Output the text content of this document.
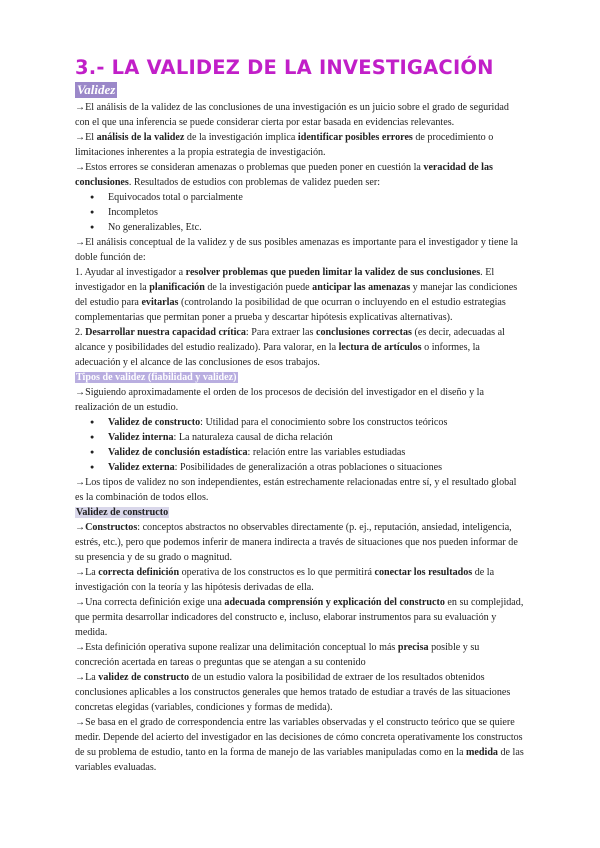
3.- LA VALIDEZ DE LA INVESTIGACIÓN
Validez

→El análisis de la validez de las conclusiones de una investigación es un juicio sobre el grado de seguridad con el que una inferencia se puede considerar cierta por estar basada en evidencias relevantes.

→El análisis de la validez de la investigación implica identificar posibles errores de procedimiento o limitaciones inherentes a la propia estrategia de investigación.

→Estos errores se consideran amenazas o problemas que pueden poner en cuestión la veracidad de las conclusiones. Resultados de estudios con problemas de validez pueden ser:

● Equivocados total o parcialmente
● Incompletos
● No generalizables, Etc.

→El análisis conceptual de la validez y de sus posibles amenazas es importante para el investigador y tiene la doble función de:

1. Ayudar al investigador a resolver problemas que pueden limitar la validez de sus conclusiones. El investigador en la planificación de la investigación puede anticipar las amenazas y manejar las condiciones del estudio para evitarlas (controlando la posibilidad de que ocurran o incluyendo en el estudio estrategias complementarias que permitan poner a prueba y descartar hipótesis explicativas alternativas).

2. Desarrollar nuestra capacidad crítica: Para extraer las conclusiones correctas (es decir, adecuadas al alcance y posibilidades del estudio realizado). Para valorar, en la lectura de artículos o informes, la adecuación y el alcance de las conclusiones de esos trabajos.

Tipos de validez (fiabilidad y validez)

→Siguiendo aproximadamente el orden de los procesos de decisión del investigador en el diseño y la realización de un estudio.

● Validez de constructo: Utilidad para el conocimiento sobre los constructos teóricos
● Validez interna: La naturaleza causal de dicha relación
● Validez de conclusión estadística: relación entre las variables estudiadas
● Validez externa: Posibilidades de generalización a otras poblaciones o situaciones

→Los tipos de validez no son independientes, están estrechamente relacionadas entre sí, y el resultado global es la combinación de todos ellos.

Validez de constructo

→Constructos: conceptos abstractos no observables directamente (p. ej., reputación, ansiedad, inteligencia, estrés, etc.), pero que podemos inferir de manera indirecta a través de situaciones que nos pueden informar de su presencia y de su grado o magnitud.

→La correcta definición operativa de los constructos es lo que permitirá conectar los resultados de la investigación con la teoría y las hipótesis derivadas de ella.

→Una correcta definición exige una adecuada comprensión y explicación del constructo en su complejidad, que permita desarrollar indicadores del constructo e, incluso, elaborar instrumentos para su evaluación y medida.

→Esta definición operativa supone realizar una delimitación conceptual lo más precisa posible y su concreción acertada en tareas o preguntas que se atengan a su contenido

→La validez de constructo de un estudio valora la posibilidad de extraer de los resultados obtenidos conclusiones aplicables a los constructos generales que hemos tratado de estudiar a través de las situaciones concretas elegidas (variables, condiciones y formas de medida).

→Se basa en el grado de correspondencia entre las variables observadas y el constructo teórico que se quiere medir. Depende del acierto del investigador en las decisiones de cómo concreta operativamente los constructos de su problema de estudio, tanto en la forma de manejo de las variables manipuladas como en la medida de las variables evaluadas.
